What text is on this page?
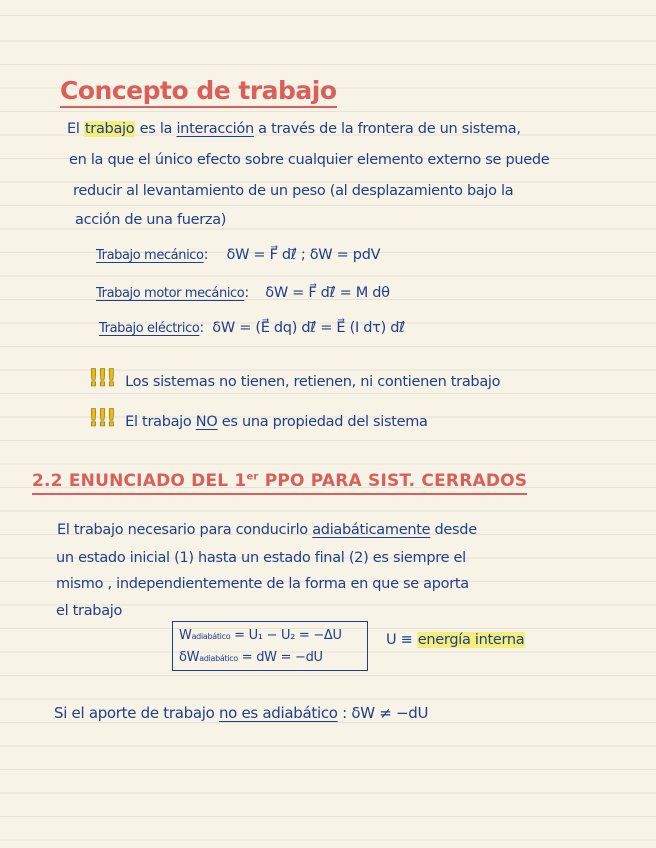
Concepto de trabajo
El trabajo es la interacción a través de la frontera de un sistema,
en la que el único efecto sobre cualquier elemento externo se puede
reducir al levantamiento de un peso (al desplazamiento bajo la
acción de una fuerza)
Trabajo mecánico: δW = F⃗ dℓ⃗ ; δW = pdV
Trabajo motor mecánico: δW = F⃗ dℓ⃗ = M dθ
Trabajo eléctrico: δW = (E⃗ dq) dℓ⃗ = E⃗ (I dτ) dℓ⃗
!!! Los sistemas no tienen, retienen, ni contienen trabajo
!!! El trabajo NO es una propiedad del sistema
2.2 ENUNCIADO DEL 1er PPO PARA SIST. CERRADOS
El trabajo necesario para conducirlo adiabáticamente desde
un estado inicial (1) hasta un estado final (2) es siempre el
mismo , independientemente de la forma en que se aporta
el trabajo
Wadiabático = U₁ − U₂ = −ΔU
δWadiabático = dW = −dU
U ≡ energía interna
Si el aporte de trabajo no es adiabático : δW ≠ −dU
